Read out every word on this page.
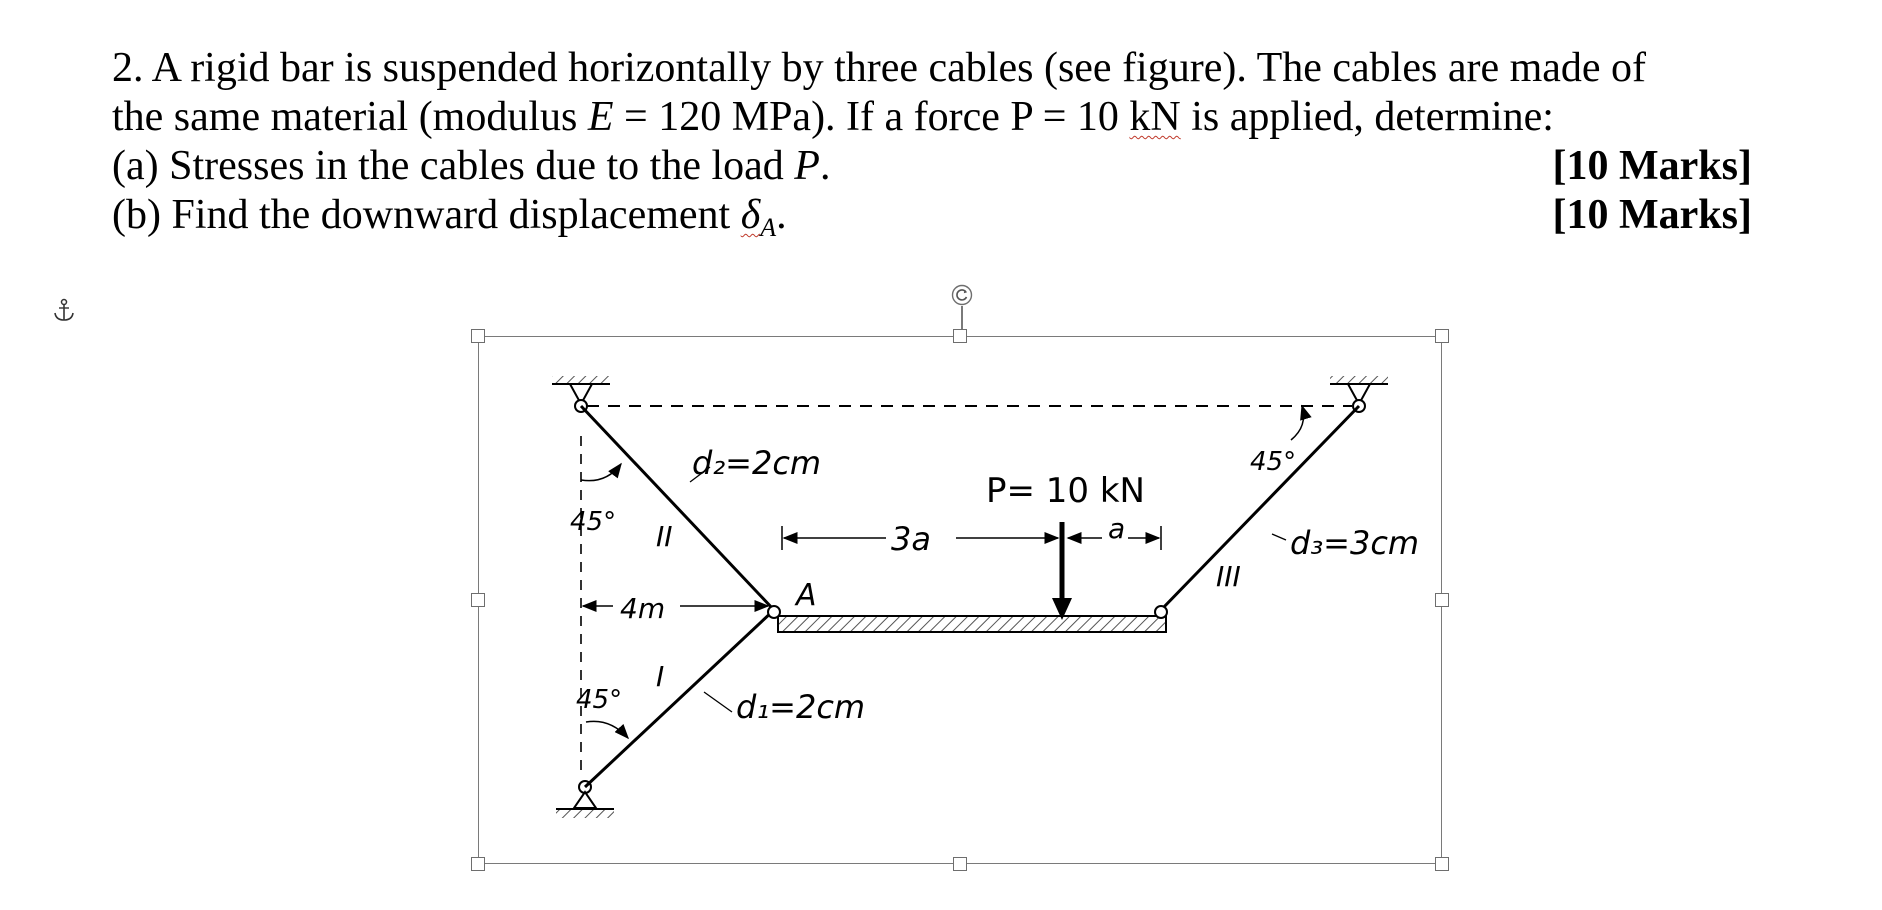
2. A rigid bar is suspended horizontally by three cables (see figure). The cables are made of
the same material (modulus E = 120 MPa). If a force P = 10 kN is applied, determine:
(a) Stresses in the cables due to the load P.	[10 Marks]
(b) Find the downward displacement $\delta_A$.	[10 Marks]
d₂=2cm
d₁=2cm
d₃=3cm
P= 10 kN
3a	a
4m	A
45°
45°
45°
I
II
III
